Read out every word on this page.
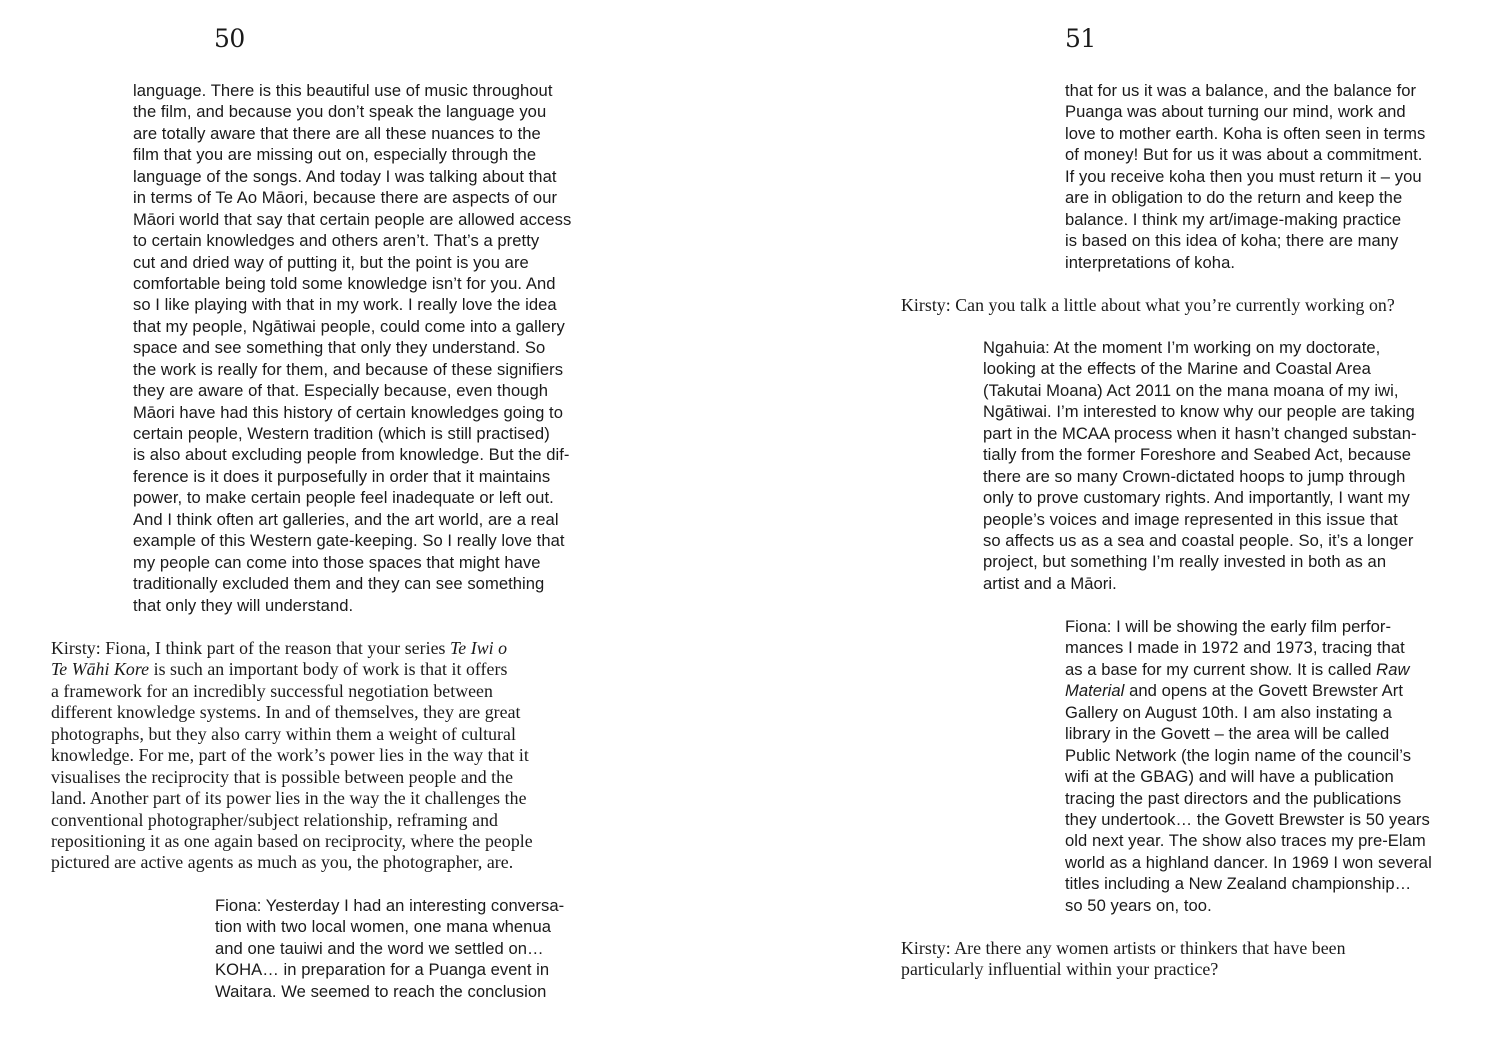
50
language. There is this beautiful use of music throughout
the film, and because you don’t speak the language you
are totally aware that there are all these nuances to the
film that you are missing out on, especially through the
language of the songs. And today I was talking about that
in terms of Te Ao Māori, because there are aspects of our
Māori world that say that certain people are allowed access
to certain knowledges and others aren’t. That’s a pretty
cut and dried way of putting it, but the point is you are
comfortable being told some knowledge isn’t for you. And
so I like playing with that in my work. I really love the idea
that my people, Ngātiwai people, could come into a gallery
space and see something that only they understand. So
the work is really for them, and because of these signifiers
they are aware of that. Especially because, even though
Māori have had this history of certain knowledges going to
certain people, Western tradition (which is still practised)
is also about excluding people from knowledge. But the dif-
ference is it does it purposefully in order that it maintains
power, to make certain people feel inadequate or left out.
And I think often art galleries, and the art world, are a real
example of this Western gate-keeping. So I really love that
my people can come into those spaces that might have
traditionally excluded them and they can see something
that only they will understand.
Kirsty: Fiona, I think part of the reason that your series Te Iwi o
Te Wāhi Kore is such an important body of work is that it offers
a framework for an incredibly successful negotiation between
different knowledge systems. In and of themselves, they are great
photographs, but they also carry within them a weight of cultural
knowledge. For me, part of the work’s power lies in the way that it
visualises the reciprocity that is possible between people and the
land. Another part of its power lies in the way the it challenges the
conventional photographer/subject relationship, reframing and
repositioning it as one again based on reciprocity, where the people
pictured are active agents as much as you, the photographer, are.
Fiona: Yesterday I had an interesting conversa-
tion with two local women, one mana whenua
and one tauiwi and the word we settled on…
KOHA… in preparation for a Puanga event in
Waitara. We seemed to reach the conclusion
51
that for us it was a balance, and the balance for
Puanga was about turning our mind, work and
love to mother earth. Koha is often seen in terms
of money! But for us it was about a commitment.
If you receive koha then you must return it – you
are in obligation to do the return and keep the
balance. I think my art/image-making practice
is based on this idea of koha; there are many
interpretations of koha.
Kirsty: Can you talk a little about what you’re currently working on?
Ngahuia: At the moment I’m working on my doctorate,
looking at the effects of the Marine and Coastal Area
(Takutai Moana) Act 2011 on the mana moana of my iwi,
Ngātiwai. I’m interested to know why our people are taking
part in the MCAA process when it hasn’t changed substan-
tially from the former Foreshore and Seabed Act, because
there are so many Crown-dictated hoops to jump through
only to prove customary rights. And importantly, I want my
people’s voices and image represented in this issue that
so affects us as a sea and coastal people. So, it’s a longer
project, but something I’m really invested in both as an
artist and a Māori.
Fiona: I will be showing the early film perfor-
mances I made in 1972 and 1973, tracing that
as a base for my current show. It is called Raw
Material and opens at the Govett Brewster Art
Gallery on August 10th. I am also instating a
library in the Govett – the area will be called
Public Network (the login name of the council’s
wifi at the GBAG) and will have a publication
tracing the past directors and the publications
they undertook… the Govett Brewster is 50 years
old next year. The show also traces my pre-Elam
world as a highland dancer. In 1969 I won several
titles including a New Zealand championship…
so 50 years on, too.
Kirsty: Are there any women artists or thinkers that have been
particularly influential within your practice?
